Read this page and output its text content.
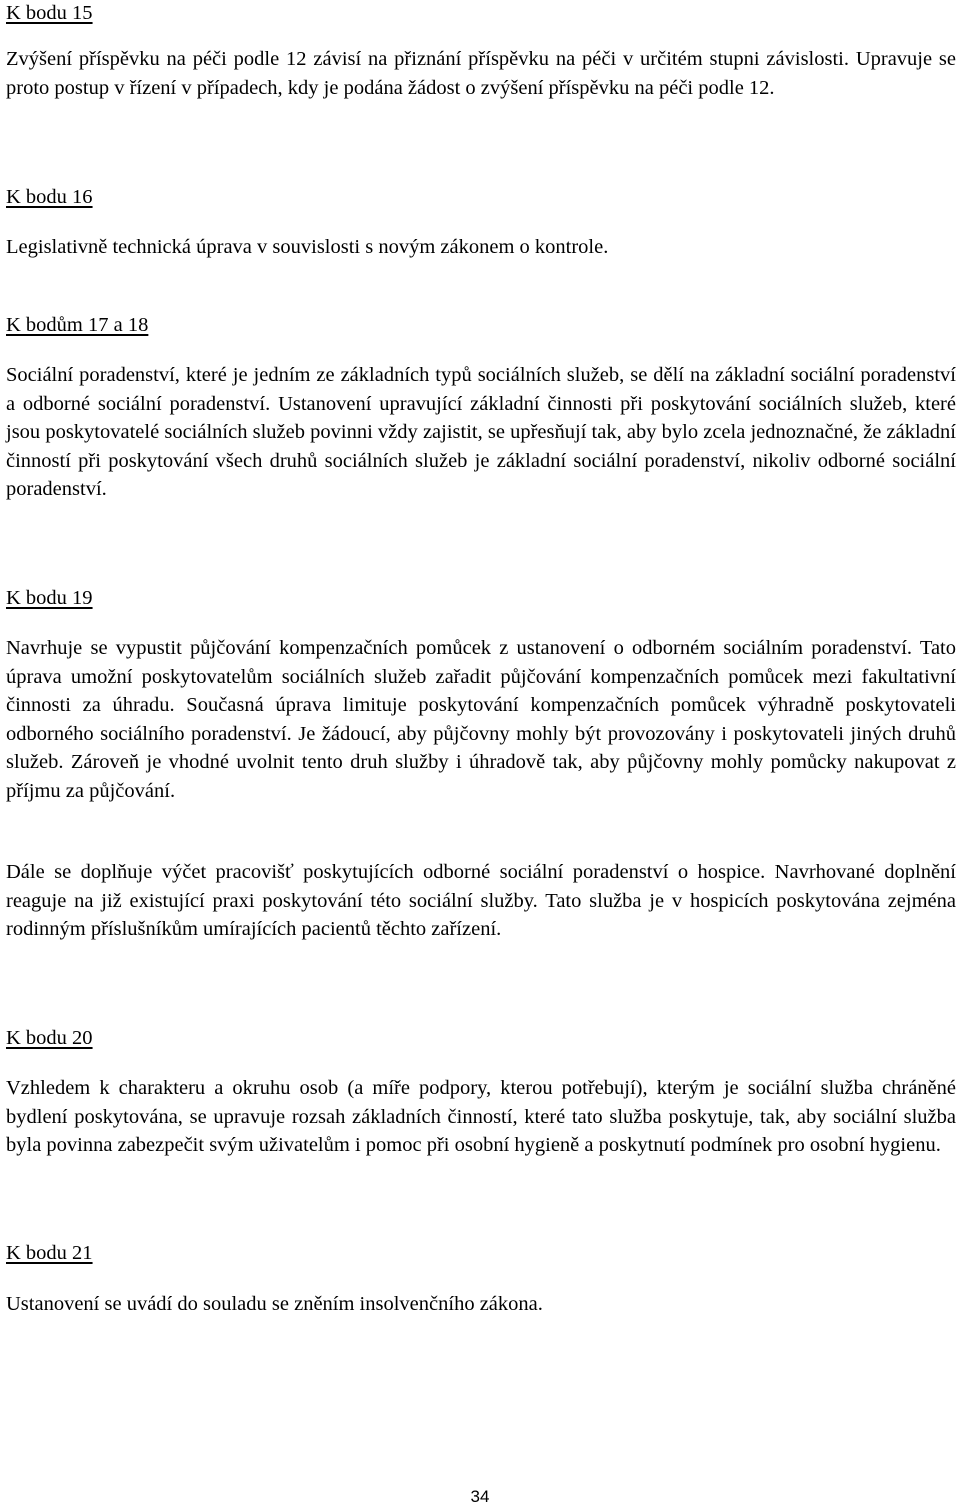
K bodu 15

Zvýšení příspěvku na péči podle 12 závisí na přiznání příspěvku na péči v určitém stupni závislosti. Upravuje se proto postup v řízení v případech, kdy je podána žádost o zvýšení příspěvku na péči podle 12.

K bodu 16

Legislativně technická úprava v souvislosti s novým zákonem o kontrole.

K bodům 17 a 18

Sociální poradenství, které je jedním ze základních typů sociálních služeb, se dělí na základní sociální poradenství a odborné sociální poradenství. Ustanovení upravující základní činnosti při poskytování sociálních služeb, které jsou poskytovatelé sociálních služeb povinni vždy zajistit, se upřesňují tak, aby bylo zcela jednoznačné, že základní činností při poskytování všech druhů sociálních služeb je základní sociální poradenství, nikoliv odborné sociální poradenství.

K bodu 19

Navrhuje se vypustit půjčování kompenzačních pomůcek z ustanovení o odborném sociálním poradenství. Tato úprava umožní poskytovatelům sociálních služeb zařadit půjčování kompenzačních pomůcek mezi fakultativní činnosti za úhradu. Současná úprava limituje poskytování kompenzačních pomůcek výhradně poskytovateli odborného sociálního poradenství. Je žádoucí, aby půjčovny mohly být provozovány i poskytovateli jiných druhů služeb. Zároveň je vhodné uvolnit tento druh služby i úhradově tak, aby půjčovny mohly pomůcky nakupovat z příjmu za půjčování.

Dále se doplňuje výčet pracovišť poskytujících odborné sociální poradenství o hospice. Navrhované doplnění reaguje na již existující praxi poskytování této sociální služby. Tato služba je v hospicích poskytována zejména rodinným příslušníkům umírajících pacientů těchto zařízení.

K bodu 20

Vzhledem k charakteru a okruhu osob (a míře podpory, kterou potřebují), kterým je sociální služba chráněné bydlení poskytována, se upravuje rozsah základních činností, které tato služba poskytuje, tak, aby sociální služba byla povinna zabezpečit svým uživatelům i pomoc při osobní hygieně a poskytnutí podmínek pro osobní hygienu.

K bodu 21

Ustanovení se uvádí do souladu se zněním insolvenčního zákona.

34
